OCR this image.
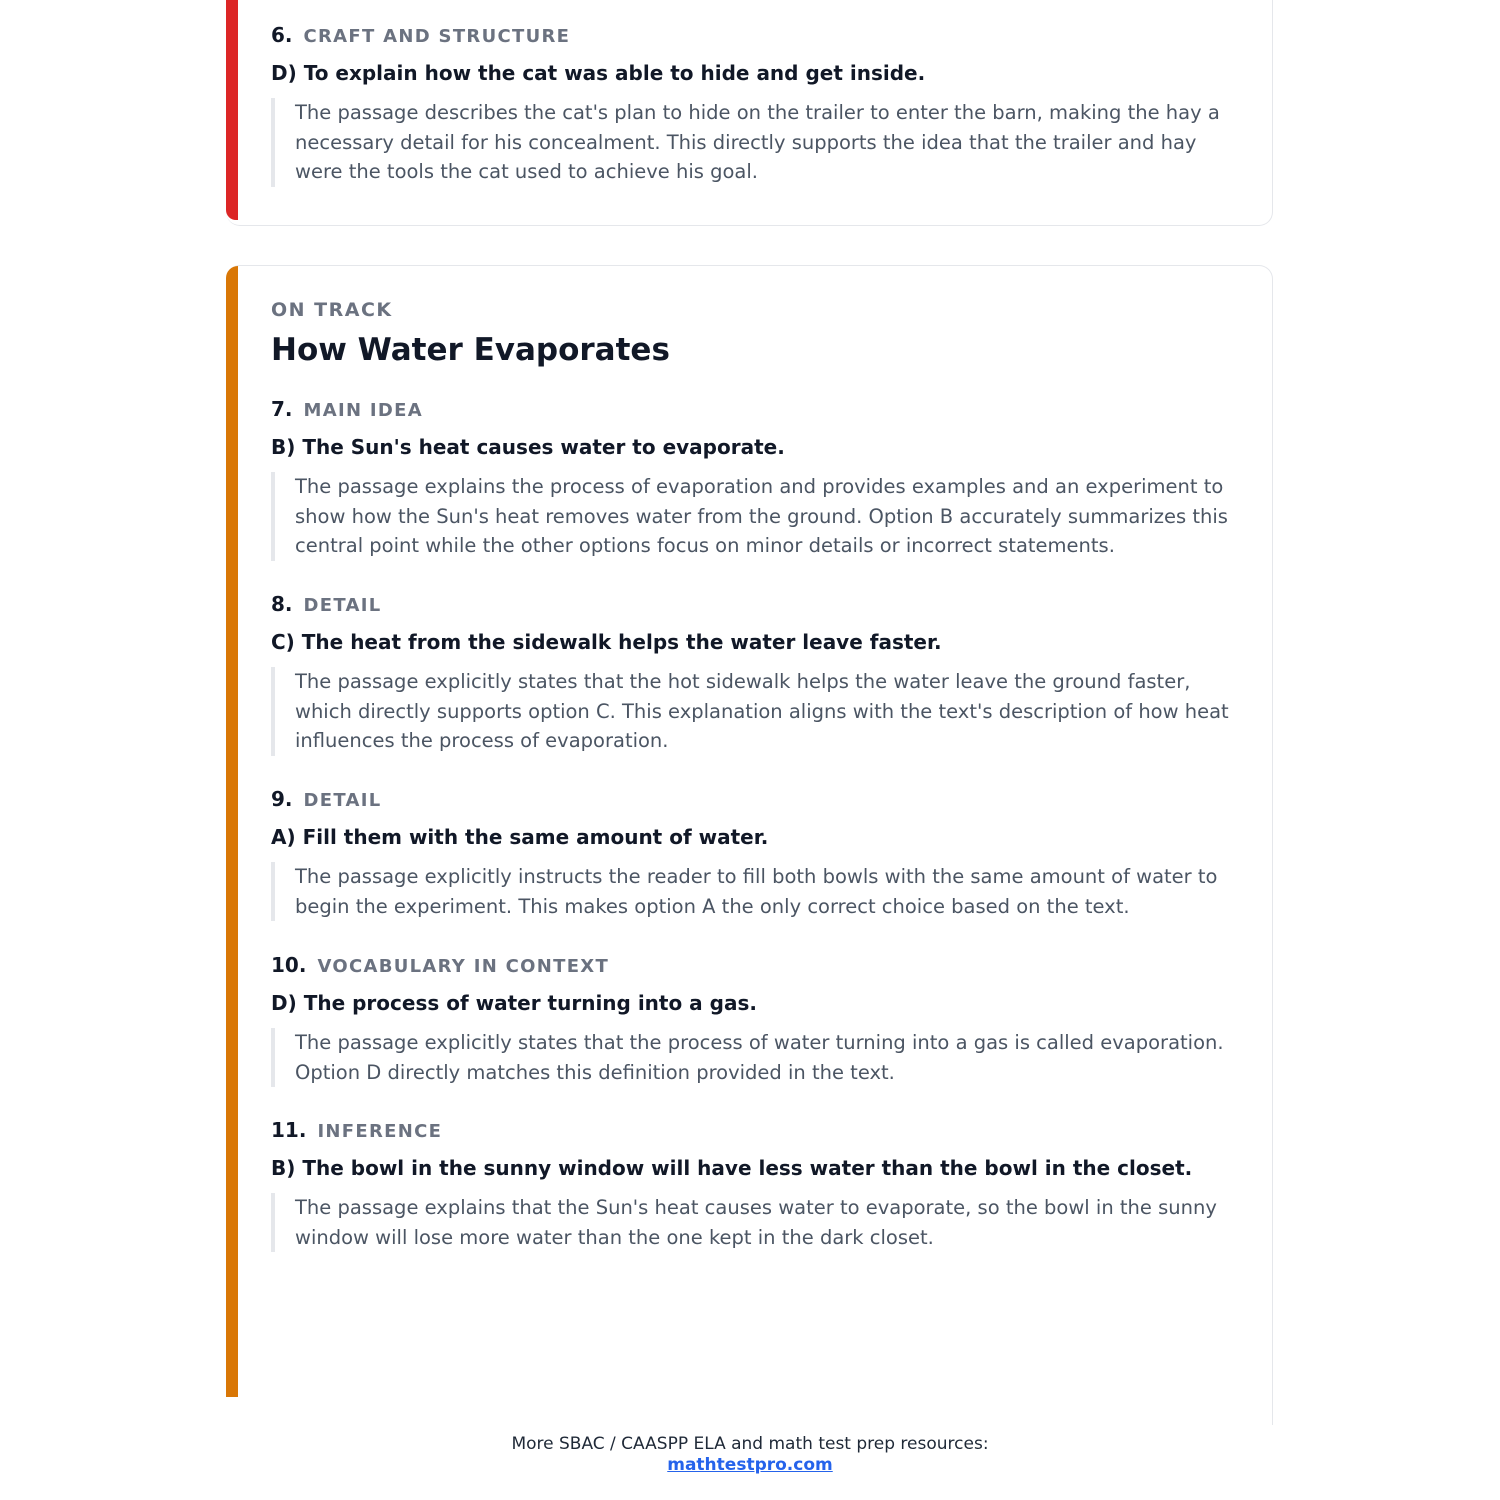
6. CRAFT AND STRUCTURE
D) To explain how the cat was able to hide and get inside.
The passage describes the cat's plan to hide on the trailer to enter the barn, making the hay a necessary detail for his concealment. This directly supports the idea that the trailer and hay were the tools the cat used to achieve his goal.

ON TRACK

How Water Evaporates
7. MAIN IDEA
B) The Sun's heat causes water to evaporate.
The passage explains the process of evaporation and provides examples and an experiment to show how the Sun's heat removes water from the ground. Option B accurately summarizes this central point while the other options focus on minor details or incorrect statements.
8. DETAIL
C) The heat from the sidewalk helps the water leave faster.
The passage explicitly states that the hot sidewalk helps the water leave the ground faster, which directly supports option C. This explanation aligns with the text's description of how heat influences the process of evaporation.
9. DETAIL
A) Fill them with the same amount of water.
The passage explicitly instructs the reader to fill both bowls with the same amount of water to begin the experiment. This makes option A the only correct choice based on the text.
10. VOCABULARY IN CONTEXT
D) The process of water turning into a gas.
The passage explicitly states that the process of water turning into a gas is called evaporation. Option D directly matches this definition provided in the text.
11. INFERENCE
B) The bowl in the sunny window will have less water than the bowl in the closet.
The passage explains that the Sun's heat causes water to evaporate, so the bowl in the sunny window will lose more water than the one kept in the dark closet.
More SBAC / CAASPP ELA and math test prep resources:
mathtestpro.com
